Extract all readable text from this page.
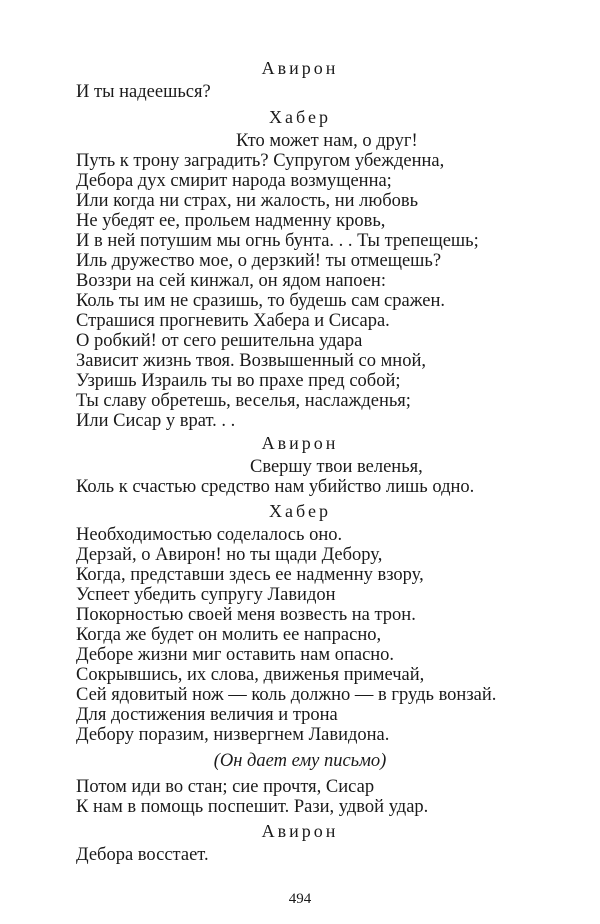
Авирон
И ты надеешься?
Хабер
Кто может нам, о друг!
Путь к трону заградить? Супругом убежденна,
Дебора дух смирит народа возмущенна;
Или когда ни страх, ни жалость, ни любовь
Не убедят ее, прольем надменну кровь,
И в ней потушим мы огнь бунта. . . Ты трепещешь;
Иль дружество мое, о дерзкий! ты отмещешь?
Воззри на сей кинжал, он ядом напоен:
Коль ты им не сразишь, то будешь сам сражен.
Страшися прогневить Хабера и Сисара.
О робкий! от сего решительна удара
Зависит жизнь твоя. Возвышенный со мной,
Узришь Израиль ты во прахе пред собой;
Ты славу обретешь, веселья, наслажденья;
Или Сисар у врат. . .
Авирон
Свершу твои веленья,
Коль к счастью средство нам убийство лишь одно.
Хабер
Необходимостью соделалось оно.
Дерзай, о Авирон! но ты щади Дебору,
Когда, представши здесь ее надменну взору,
Успеет убедить супругу Лавидон
Покорностью своей меня возвесть на трон.
Когда же будет он молить ее напрасно,
Деборе жизни миг оставить нам опасно.
Сокрывшись, их слова, движенья примечай,
Сей ядовитый нож — коль должно — в грудь вонзай.
Для достижения величия и трона
Дебору поразим, низвергнем Лавидона.
(Он дает ему письмо)
Потом иди во стан; сие прочтя, Сисар
К нам в помощь поспешит. Рази, удвой удар.
Авирон
Дебора восстает.
494
